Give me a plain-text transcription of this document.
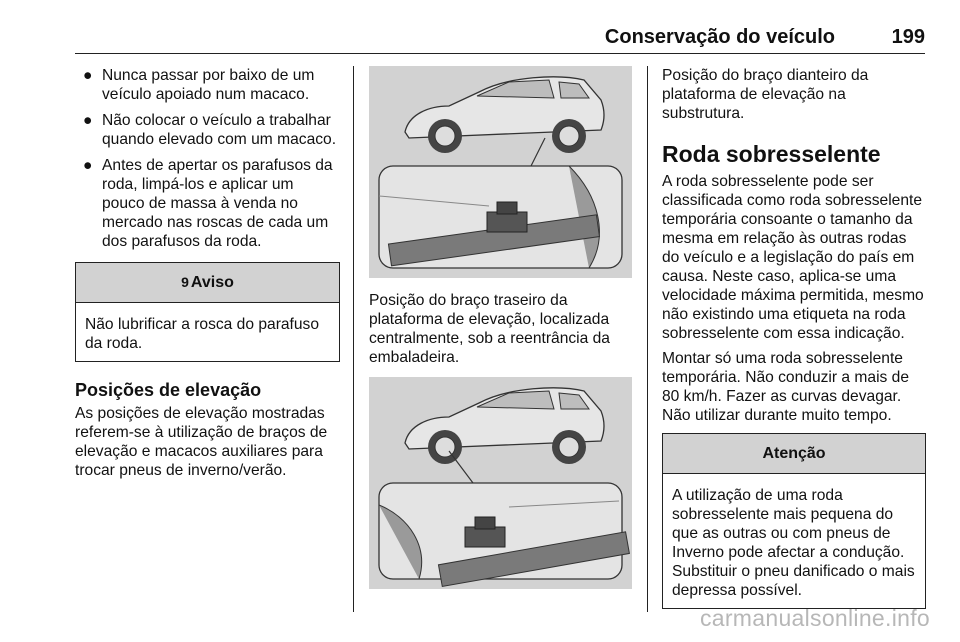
Conservação do veículo	199
● Nunca passar por baixo de um veículo apoiado num macaco.
● Não colocar o veículo a trabalhar quando elevado com um macaco.
● Antes de apertar os parafusos da roda, limpá-los e aplicar um pouco de massa à venda no mercado nas roscas de cada um dos parafusos da roda.
9 Aviso
Não lubrificar a rosca do parafuso da roda.
Posições de elevação

As posições de elevação mostradas referem-se à utilização de braços de elevação e macacos auxiliares para trocar pneus de inverno/verão.

Posição do braço traseiro da plataforma de elevação, localizada centralmente, sob a reentrância da embaladeira.

Posição do braço dianteiro da plataforma de elevação na substrutura.

Roda sobresselente

A roda sobresselente pode ser classificada como roda sobresselente temporária consoante o tamanho da mesma em relação às outras rodas do veículo e a legislação do país em causa. Neste caso, aplica-se uma velocidade máxima permitida, mesmo não existindo uma etiqueta na roda sobresselente com essa indicação.

Montar só uma roda sobresselente temporária. Não conduzir a mais de 80 km/h. Fazer as curvas devagar. Não utilizar durante muito tempo.

Atenção
A utilização de uma roda sobresselente mais pequena do que as outras ou com pneus de Inverno pode afectar a condução. Substituir o pneu danificado o mais depressa possível.
carmanualsonline.info
